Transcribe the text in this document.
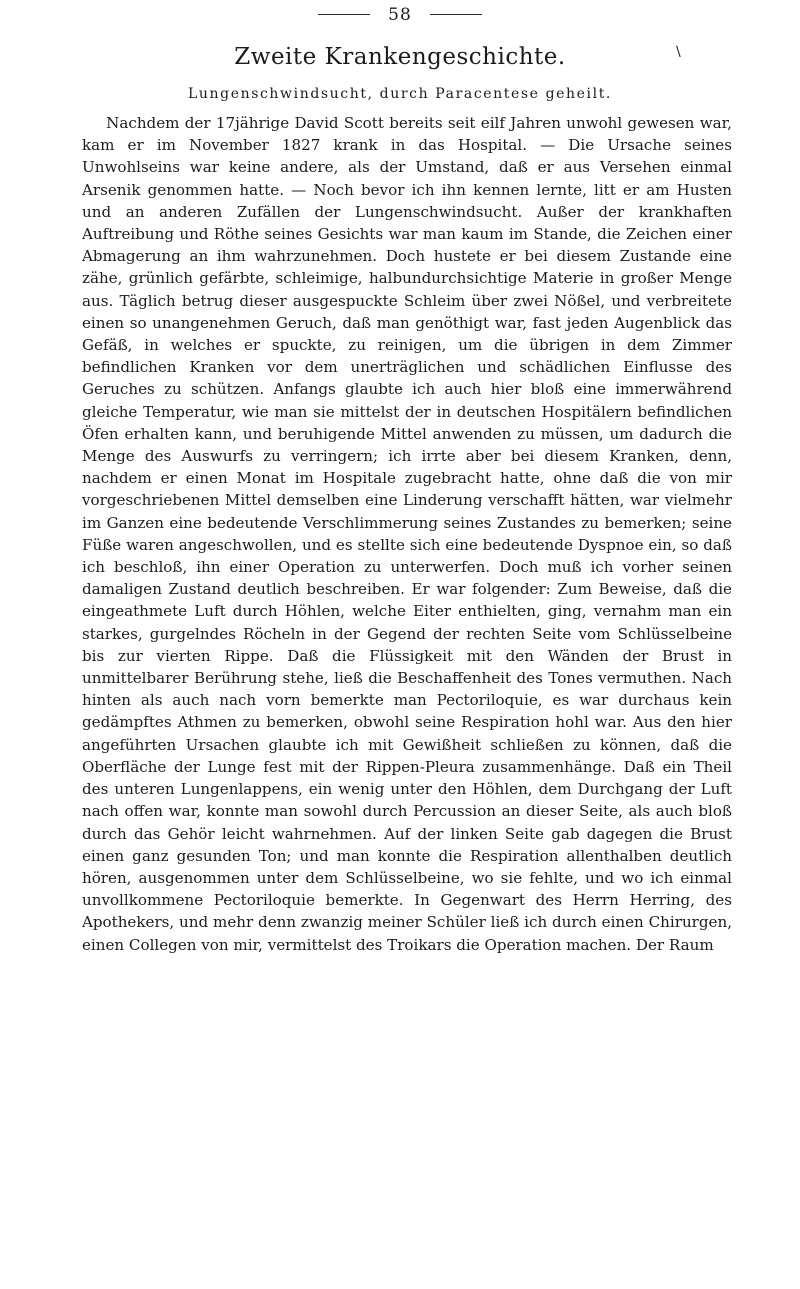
58
Zweite Krankengeschichte.	\
Lungenschwindsucht, durch Paracentese geheilt.

Nachdem der 17jährige David Scott bereits seit eilf Jahren unwohl gewesen war, kam er im November 1827 krank in das Hospital. — Die Ursache seines Unwohlseins war keine andere, als der Umstand, daß er aus Versehen einmal Arsenik genommen hatte. — Noch bevor ich ihn kennen lernte, litt er am Husten und an anderen Zufällen der Lungenschwindsucht. Außer der krankhaften Auftreibung und Röthe seines Gesichts war man kaum im Stande, die Zeichen einer Abmagerung an ihm wahrzunehmen. Doch hustete er bei diesem Zustande eine zähe, grünlich gefärbte, schleimige, halbundurchsichtige Materie in großer Menge aus. Täglich betrug dieser ausgespuckte Schleim über zwei Nößel, und verbreitete einen so unangenehmen Geruch, daß man genöthigt war, fast jeden Augenblick das Gefäß, in welches er spuckte, zu reinigen, um die übrigen in dem Zimmer befindlichen Kranken vor dem unerträglichen und schädlichen Einflusse des Geruches zu schützen. Anfangs glaubte ich auch hier bloß eine immerwährend gleiche Temperatur, wie man sie mittelst der in deutschen Hospitälern befindlichen Öfen erhalten kann, und beruhigende Mittel anwenden zu müssen, um dadurch die Menge des Auswurfs zu verringern; ich irrte aber bei diesem Kranken, denn, nachdem er einen Monat im Hospitale zugebracht hatte, ohne daß die von mir vorgeschriebenen Mittel demselben eine Linderung verschafft hätten, war vielmehr im Ganzen eine bedeutende Verschlimmerung seines Zustandes zu bemerken; seine Füße waren angeschwollen, und es stellte sich eine bedeutende Dyspnoe ein, so daß ich beschloß, ihn einer Operation zu unterwerfen. Doch muß ich vorher seinen damaligen Zustand deutlich beschreiben. Er war folgender: Zum Beweise, daß die eingeathmete Luft durch Höhlen, welche Eiter enthielten, ging, vernahm man ein starkes, gurgelndes Röcheln in der Gegend der rechten Seite vom Schlüsselbeine bis zur vierten Rippe. Daß die Flüssigkeit mit den Wänden der Brust in unmittelbarer Berührung stehe, ließ die Beschaffenheit des Tones vermuthen. Nach hinten als auch nach vorn bemerkte man Pectoriloquie, es war durchaus kein gedämpftes Athmen zu bemerken, obwohl seine Respiration hohl war. Aus den hier angeführten Ursachen glaubte ich mit Gewißheit schließen zu können, daß die Oberfläche der Lunge fest mit der Rippen-Pleura zusammenhänge. Daß ein Theil des unteren Lungenlappens, ein wenig unter den Höhlen, dem Durchgang der Luft nach offen war, konnte man sowohl durch Percussion an dieser Seite, als auch bloß durch das Gehör leicht wahrnehmen. Auf der linken Seite gab dagegen die Brust einen ganz gesunden Ton; und man konnte die Respiration allenthalben deutlich hören, ausgenommen unter dem Schlüsselbeine, wo sie fehlte, und wo ich einmal unvollkommene Pectoriloquie bemerkte. In Gegenwart des Herrn Herring, des Apothekers, und mehr denn zwanzig meiner Schüler ließ ich durch einen Chirurgen, einen Collegen von mir, vermittelst des Troikars die Operation machen. Der Raum
